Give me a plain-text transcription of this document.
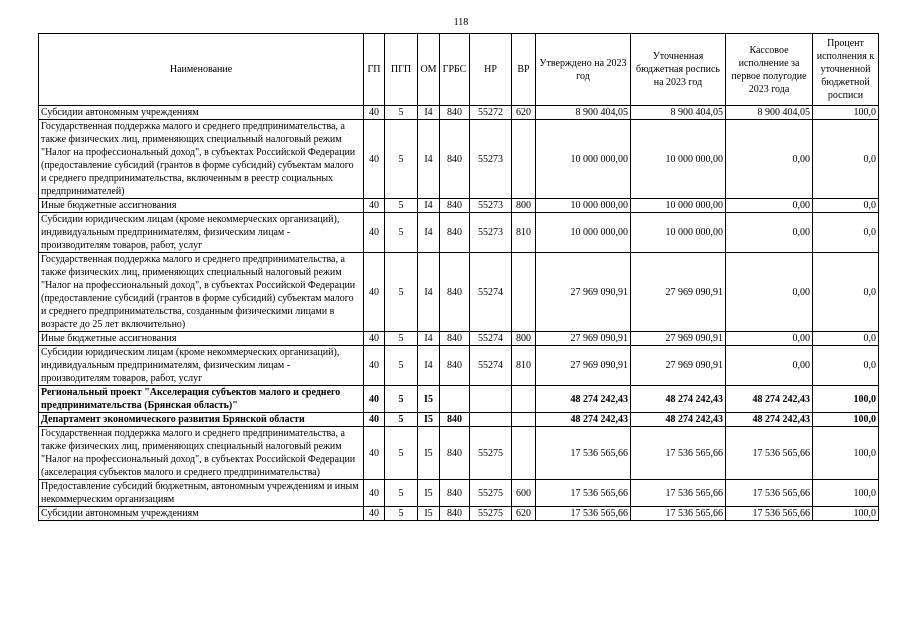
118
Наименование	ГП	ПГП	ОМ	ГРБС	НР	ВР	Утверждено на 2023 год	Уточненная бюджетная роспись на 2023 год	Кассовое исполнение за первое полугодие 2023 года	Процент исполнения к уточненной бюджетной росписи
Субсидии автономным учреждениям	40	5	I4	840	55272	620	8 900 404,05	8 900 404,05	8 900 404,05	100,0
Государственная поддержка малого и среднего предпринимательства, а также физических лиц, применяющих специальный налоговый режим "Налог на профессиональный доход", в субъектах Российской Федерации (предоставление субсидий (грантов в форме субсидий) субъектам малого и среднего предпринимательства, включенным в реестр социальных предпринимателей)	40	5	I4	840	55273		10 000 000,00	10 000 000,00	0,00	0,0
Иные бюджетные ассигнования	40	5	I4	840	55273	800	10 000 000,00	10 000 000,00	0,00	0,0
Субсидии юридическим лицам (кроме некоммерческих организаций), индивидуальным предпринимателям, физическим лицам - производителям товаров, работ, услуг	40	5	I4	840	55273	810	10 000 000,00	10 000 000,00	0,00	0,0
Государственная поддержка малого и среднего предпринимательства, а также физических лиц, применяющих специальный налоговый режим "Налог на профессиональный доход", в субъектах Российской Федерации (предоставление субсидий (грантов в форме субсидий) субъектам малого и среднего предпринимательства, созданным физическими лицами в возрасте до 25 лет включительно)	40	5	I4	840	55274		27 969 090,91	27 969 090,91	0,00	0,0
Иные бюджетные ассигнования	40	5	I4	840	55274	800	27 969 090,91	27 969 090,91	0,00	0,0
Субсидии юридическим лицам (кроме некоммерческих организаций), индивидуальным предпринимателям, физическим лицам - производителям товаров, работ, услуг	40	5	I4	840	55274	810	27 969 090,91	27 969 090,91	0,00	0,0
Региональный проект "Акселерация субъектов малого и среднего предпринимательства (Брянская область)"	40	5	I5				48 274 242,43	48 274 242,43	48 274 242,43	100,0
Департамент экономического развития Брянской области	40	5	I5	840			48 274 242,43	48 274 242,43	48 274 242,43	100,0
Государственная поддержка малого и среднего предпринимательства, а также физических лиц, применяющих специальный налоговый режим "Налог на профессиональный доход", в субъектах Российской Федерации (акселерация субъектов малого и среднего предпринимательства)	40	5	I5	840	55275		17 536 565,66	17 536 565,66	17 536 565,66	100,0
Предоставление субсидий бюджетным, автономным учреждениям и иным некоммерческим организациям	40	5	I5	840	55275	600	17 536 565,66	17 536 565,66	17 536 565,66	100,0
Субсидии автономным учреждениям	40	5	I5	840	55275	620	17 536 565,66	17 536 565,66	17 536 565,66	100,0
